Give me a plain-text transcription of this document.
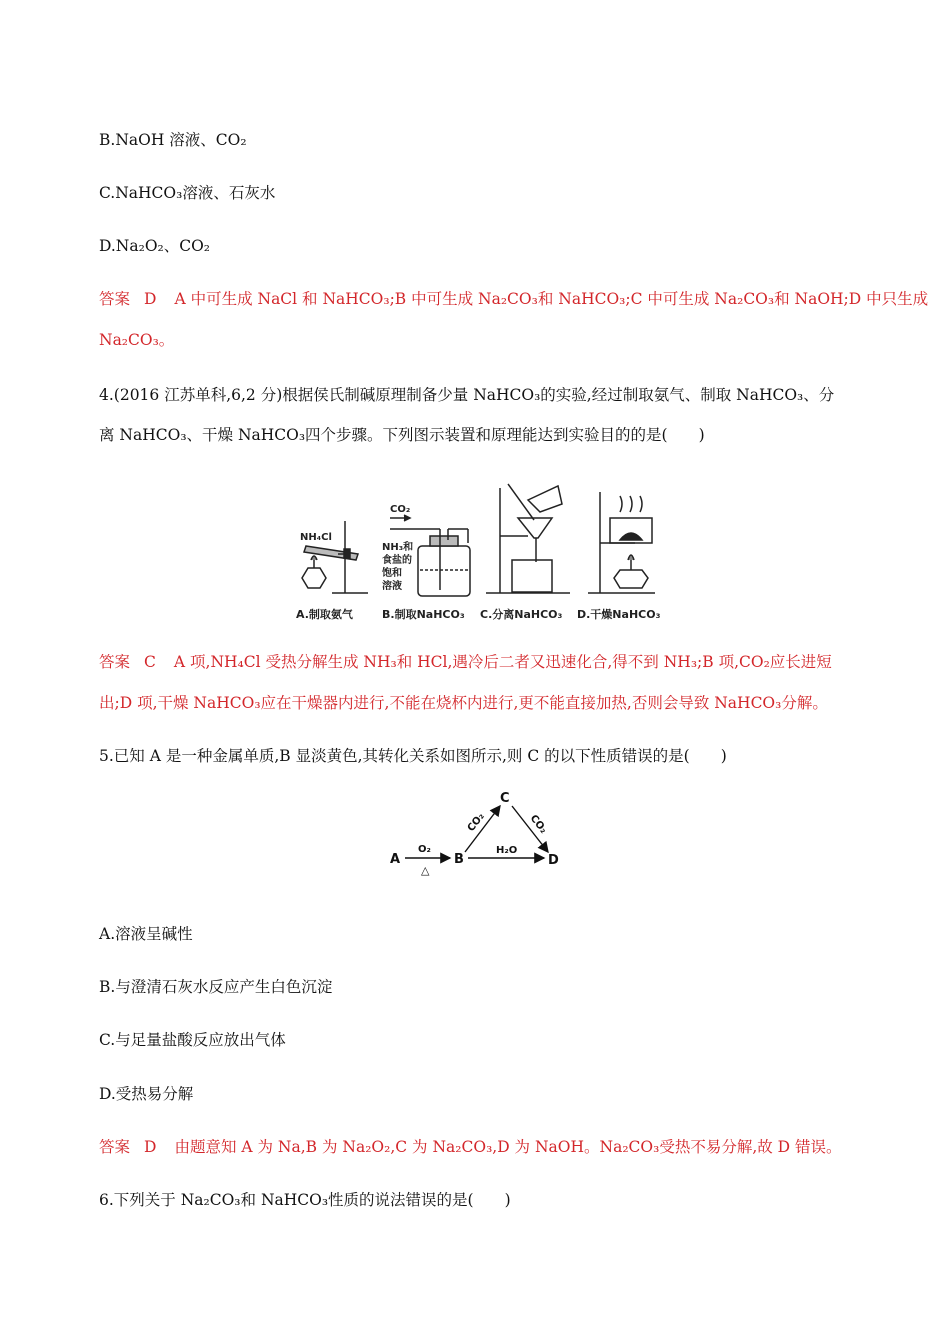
B.NaOH 溶液、CO₂

C.NaHCO₃溶液、石灰水

D.Na₂O₂、CO₂

答案 D A 中可生成 NaCl 和 NaHCO₃;B 中可生成 Na₂CO₃和 NaHCO₃;C 中可生成 Na₂CO₃和 NaOH;D 中只生成

Na₂CO₃。

4.(2016 江苏单科,6,2 分)根据侯氏制碱原理制备少量 NaHCO₃的实验,经过制取氨气、制取 NaHCO₃、分

离 NaHCO₃、干燥 NaHCO₃四个步骤。下列图示装置和原理能达到实验目的的是(　　)

NH₄Cl
CO₂
NH₃和
食盐的
饱和
溶液
A.制取氨气	B.制取NaHCO₃ C.分离NaHCO₃ D.干燥NaHCO₃

答案 C A 项,NH₄Cl 受热分解生成 NH₃和 HCl,遇冷后二者又迅速化合,得不到 NH₃;B 项,CO₂应长进短

出;D 项,干燥 NaHCO₃应在干燥器内进行,不能在烧杯内进行,更不能直接加热,否则会导致 NaHCO₃分解。

5.已知 A 是一种金属单质,B 显淡黄色,其转化关系如图所示,则 C 的以下性质错误的是(　　)

A	B
C
D
O₂
△
CO₂	CO₂
H₂O

A.溶液呈碱性

B.与澄清石灰水反应产生白色沉淀

C.与足量盐酸反应放出气体

D.受热易分解

答案 D 由题意知 A 为 Na,B 为 Na₂O₂,C 为 Na₂CO₃,D 为 NaOH。Na₂CO₃受热不易分解,故 D 错误。

6.下列关于 Na₂CO₃和 NaHCO₃性质的说法错误的是(　　)
